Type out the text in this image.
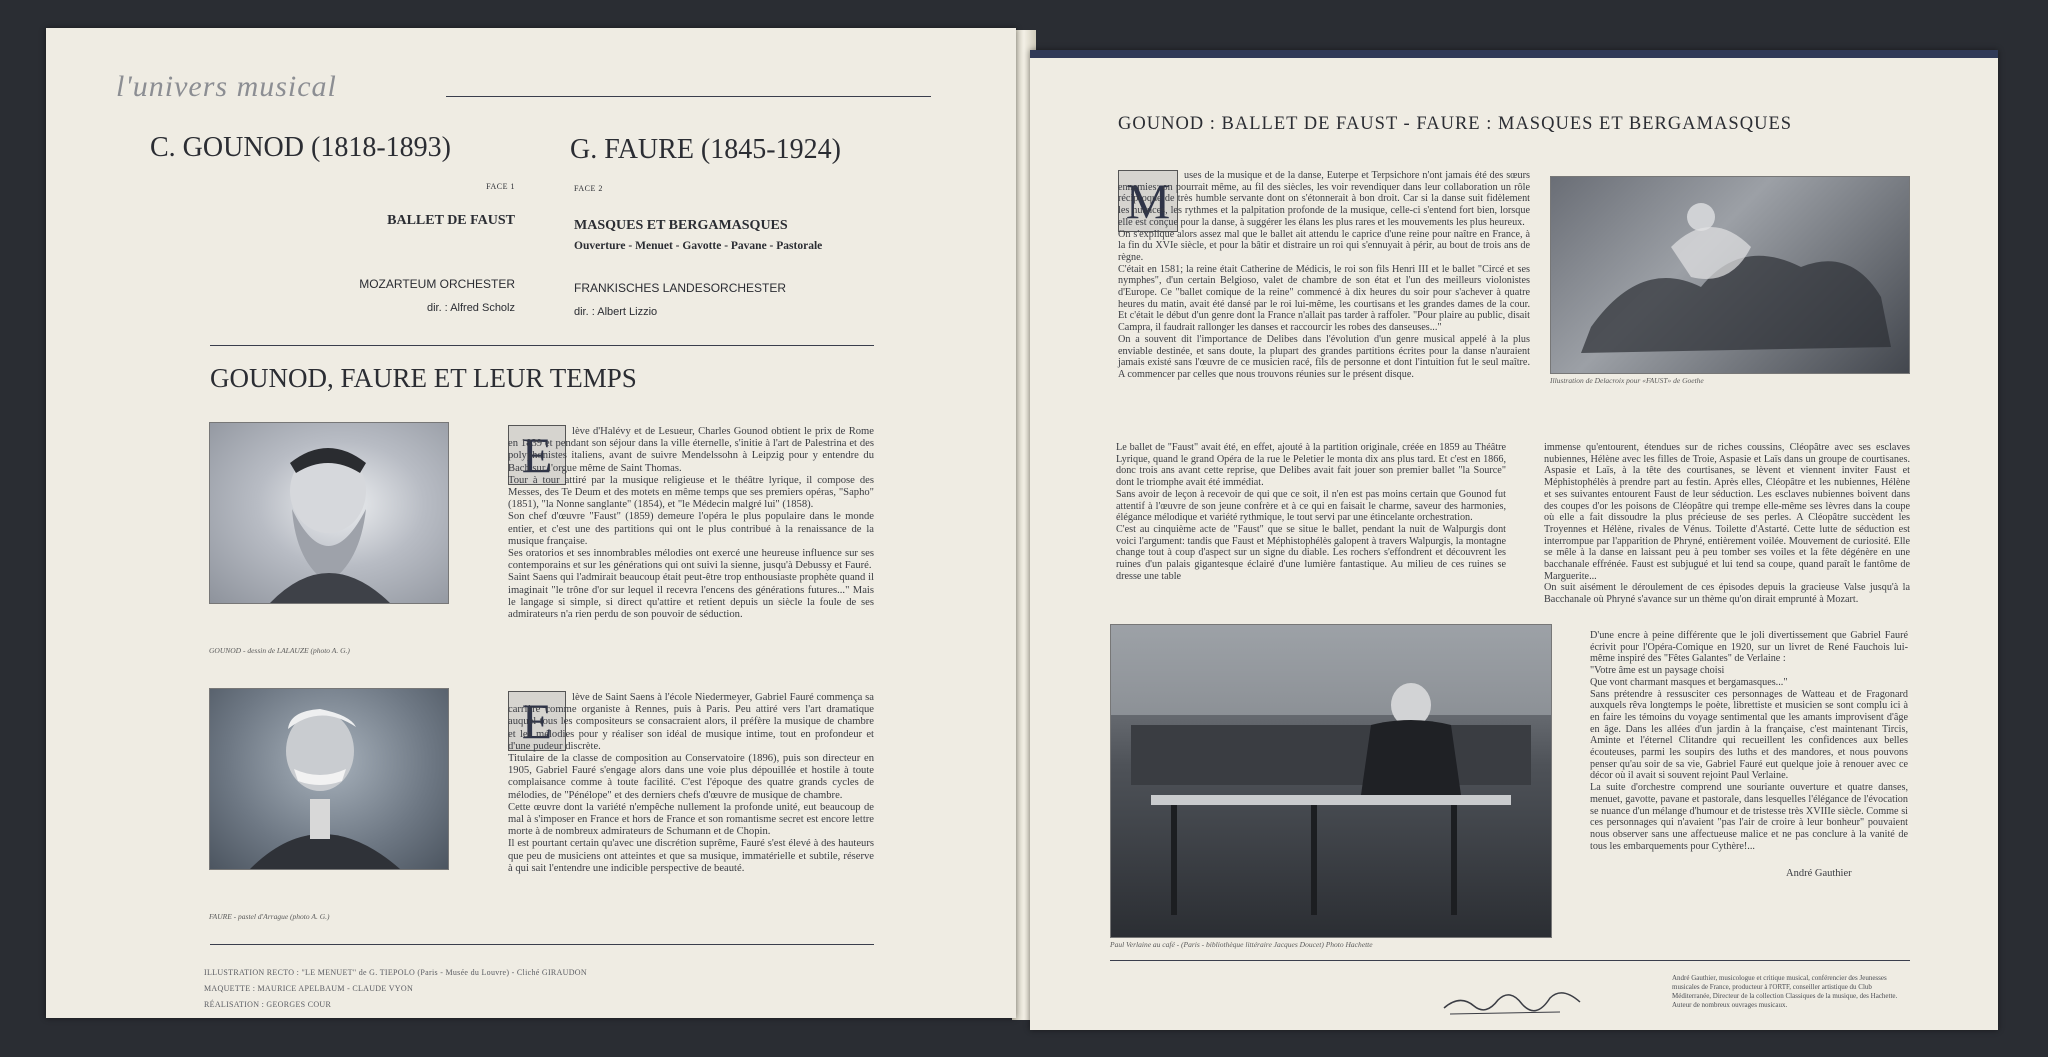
l'univers musical
C. GOUNOD (1818-1893)	G. FAURE (1845-1924)
FACE 1	FACE 2
BALLET DE FAUST	MASQUES ET BERGAMASQUES
Ouverture - Menuet - Gavotte - Pavane - Pastorale
MOZARTEUM ORCHESTER
dir. : Alfred Scholz
FRANKISCHES LANDESORCHESTER
dir. : Albert Lizzio
GOUNOD, FAURE ET LEUR TEMPS
GOUNOD - dessin de LALAUZE (photo A. G.)
E	lève d'Halévy et de Lesueur, Charles Gounod obtient le prix de Rome en 1839 et pendant son séjour dans la ville éternelle, s'initie à l'art de Palestrina et des polyphonistes italiens, avant de suivre Mendelssohn à Leipzig pour y entendre du Bach sur l'orgue même de Saint Thomas.
Tour à tour attiré par la musique religieuse et le théâtre lyrique, il compose des Messes, des Te Deum et des motets en même temps que ses premiers opéras, "Sapho" (1851), "la Nonne sanglante" (1854), et "le Médecin malgré lui" (1858).
Son chef d'œuvre "Faust" (1859) demeure l'opéra le plus populaire dans le monde entier, et c'est une des partitions qui ont le plus contribué à la renaissance de la musique française.
Ses oratorios et ses innombrables mélodies ont exercé une heureuse influence sur ses contemporains et sur les générations qui ont suivi la sienne, jusqu'à Debussy et Fauré.
Saint Saens qui l'admirait beaucoup était peut-être trop enthousiaste prophète quand il imaginait "le trône d'or sur lequel il recevra l'encens des générations futures..." Mais le langage si simple, si direct qu'attire et retient depuis un siècle la foule de ses admirateurs n'a rien perdu de son pouvoir de séduction.

FAURE - pastel d'Arrague (photo A. G.)
E	lève de Saint Saens à l'école Niedermeyer, Gabriel Fauré commença sa carrière comme organiste à Rennes, puis à Paris. Peu attiré vers l'art dramatique auquel tous les compositeurs se consacraient alors, il préfère la musique de chambre et les mélodies pour y réaliser son idéal de musique intime, tout en profondeur et d'une pudeur discrète.
Titulaire de la classe de composition au Conservatoire (1896), puis son directeur en 1905, Gabriel Fauré s'engage alors dans une voie plus dépouillée et hostile à toute complaisance comme à toute facilité. C'est l'époque des quatre grands cycles de mélodies, de "Pénélope" et des derniers chefs d'œuvre de musique de chambre.
Cette œuvre dont la variété n'empêche nullement la profonde unité, eut beaucoup de mal à s'imposer en France et hors de France et son romantisme secret est encore lettre morte à de nombreux admirateurs de Schumann et de Chopin.
Il est pourtant certain qu'avec une discrétion suprême, Fauré s'est élevé à des hauteurs que peu de musiciens ont atteintes et que sa musique, immatérielle et subtile, réserve à qui sait l'entendre une indicible perspective de beauté.

ILLUSTRATION RECTO : "LE MENUET" de G. TIEPOLO (Paris - Musée du Louvre) - Cliché GIRAUDON
MAQUETTE : MAURICE APELBAUM - CLAUDE VYON
RÉALISATION : GEORGES COUR
GOUNOD : BALLET DE FAUST - FAURE : MASQUES ET BERGAMASQUES
M	uses de la musique et de la danse, Euterpe et Terpsichore n'ont jamais été des sœurs ennemies: on pourrait même, au fil des siècles, les voir revendiquer dans leur collaboration un rôle réciproque de très humble servante dont on s'étonnerait à bon droit. Car si la danse suit fidèlement les nuances, les rythmes et la palpitation profonde de la musique, celle-ci s'entend fort bien, lorsque elle est conçue pour la danse, à suggérer les élans les plus rares et les mouvements les plus heureux.
On s'explique alors assez mal que le ballet ait attendu le caprice d'une reine pour naître en France, à la fin du XVIe siècle, et pour la bâtir et distraire un roi qui s'ennuyait à périr, au bout de trois ans de règne.
C'était en 1581; la reine était Catherine de Médicis, le roi son fils Henri III et le ballet "Circé et ses nymphes", d'un certain Belgioso, valet de chambre de son état et l'un des meilleurs violonistes d'Europe. Ce "ballet comique de la reine" commencé à dix heures du soir pour s'achever à quatre heures du matin, avait été dansé par le roi lui-même, les courtisans et les grandes dames de la cour. Et c'était le début d'un genre dont la France n'allait pas tarder à raffoler. "Pour plaire au public, disait Campra, il faudrait rallonger les danses et raccourcir les robes des danseuses..."
On a souvent dit l'importance de Delibes dans l'évolution d'un genre musical appelé à la plus enviable destinée, et sans doute, la plupart des grandes partitions écrites pour la danse n'auraient jamais existé sans l'œuvre de ce musicien racé, fils de personne et dont l'intuition fut le seul maître. A commencer par celles que nous trouvons réunies sur le présent disque.

Illustration de Delacroix pour «FAUST» de Goethe

Le ballet de "Faust" avait été, en effet, ajouté à la partition originale, créée en 1859 au Théâtre Lyrique, quand le grand Opéra de la rue le Peletier le monta dix ans plus tard. Et c'est en 1866, donc trois ans avant cette reprise, que Delibes avait fait jouer son premier ballet "la Source" dont le triomphe avait été immédiat.
Sans avoir de leçon à recevoir de qui que ce soit, il n'en est pas moins certain que Gounod fut attentif à l'œuvre de son jeune confrère et à ce qui en faisait le charme, saveur des harmonies, élégance mélodique et variété rythmique, le tout servi par une étincelante orchestration.
C'est au cinquième acte de "Faust" que se situe le ballet, pendant la nuit de Walpurgis dont voici l'argument: tandis que Faust et Méphistophélès galopent à travers Walpurgis, la montagne change tout à coup d'aspect sur un signe du diable. Les rochers s'effondrent et découvrent les ruines d'un palais gigantesque éclairé d'une lumière fantastique. Au milieu de ces ruines se dresse une table

immense qu'entourent, étendues sur de riches coussins, Cléopâtre avec ses esclaves nubiennes, Hélène avec les filles de Troie, Aspasie et Laïs dans un groupe de courtisanes. Aspasie et Laïs, à la tête des courtisanes, se lèvent et viennent inviter Faust et Méphistophélès à prendre part au festin. Après elles, Cléopâtre et les nubiennes, Hélène et ses suivantes entourent Faust de leur séduction. Les esclaves nubiennes boivent dans des coupes d'or les poisons de Cléopâtre qui trempe elle-même ses lèvres dans la coupe où elle a fait dissoudre la plus précieuse de ses perles. A Cléopâtre succèdent les Troyennes et Hélène, rivales de Vénus. Toilette d'Astarté. Cette lutte de séduction est interrompue par l'apparition de Phryné, entièrement voilée. Mouvement de curiosité. Elle se mêle à la danse en laissant peu à peu tomber ses voiles et la fête dégénère en une bacchanale effrénée. Faust est subjugué et lui tend sa coupe, quand paraît le fantôme de Marguerite...
On suit aisément le déroulement de ces épisodes depuis la gracieuse Valse jusqu'à la Bacchanale où Phryné s'avance sur un thème qu'on dirait emprunté à Mozart.

Paul Verlaine au café - (Paris - bibliothèque littéraire Jacques Doucet) Photo Hachette

D'une encre à peine différente que le joli divertissement que Gabriel Fauré écrivit pour l'Opéra-Comique en 1920, sur un livret de René Fauchois lui-même inspiré des "Fêtes Galantes" de Verlaine :
"Votre âme est un paysage choisi
Que vont charmant masques et bergamasques..."
Sans prétendre à ressusciter ces personnages de Watteau et de Fragonard auxquels rêva longtemps le poète, librettiste et musicien se sont complu ici à en faire les témoins du voyage sentimental que les amants improvisent d'âge en âge. Dans les allées d'un jardin à la française, c'est maintenant Tircis, Aminte et l'éternel Clitandre qui recueillent les confidences aux belles écouteuses, parmi les soupirs des luths et des mandores, et nous pouvons penser qu'au soir de sa vie, Gabriel Fauré eut quelque joie à renouer avec ce décor où il avait si souvent rejoint Paul Verlaine.
La suite d'orchestre comprend une souriante ouverture et quatre danses, menuet, gavotte, pavane et pastorale, dans lesquelles l'élégance de l'évocation se nuance d'un mélange d'humour et de tristesse très XVIIIe siècle. Comme si ces personnages qui n'avaient "pas l'air de croire à leur bonheur" pouvaient nous observer sans une affectueuse malice et ne pas conclure à la vanité de tous les embarquements pour Cythère!...

André Gauthier
André Gauthier, musicologue et critique musical, conférencier des Jeunesses musicales de France, producteur à l'ORTF, conseiller artistique du Club Méditerranée, Directeur de la collection Classiques de la musique, des Hachette. Auteur de nombreux ouvrages musicaux.
